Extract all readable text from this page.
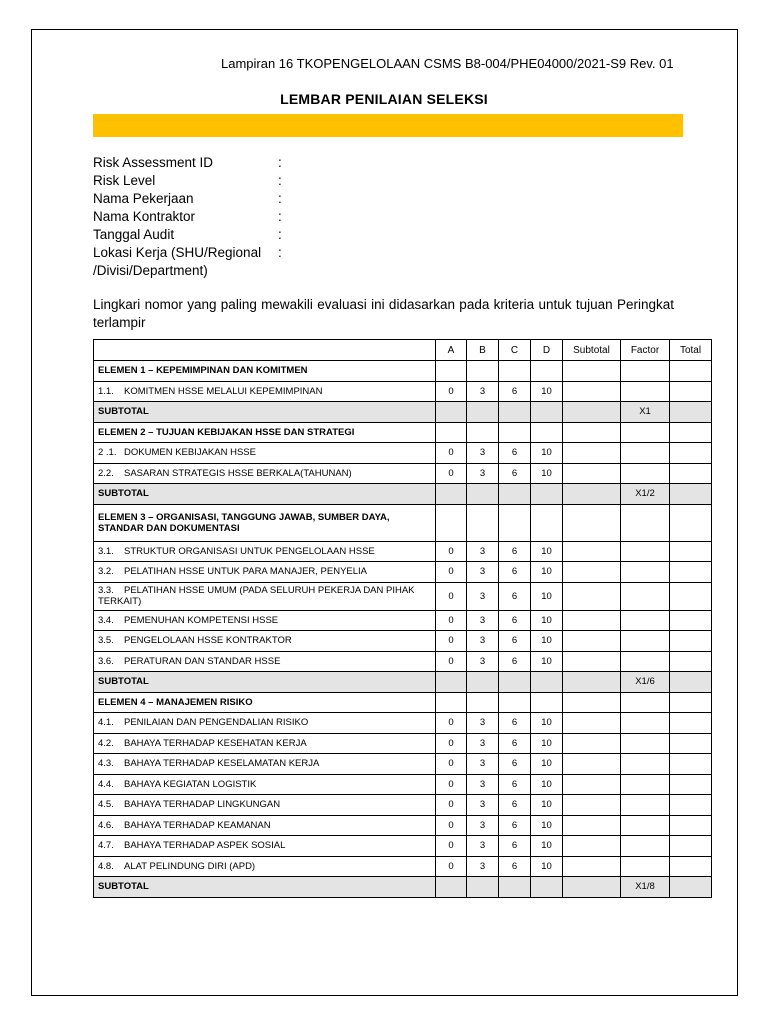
Lampiran 16 TKOPENGELOLAAN CSMS B8-004/PHE04000/2021-S9 Rev. 01
LEMBAR PENILAIAN SELEKSI
Risk Assessment ID	:
Risk Level	:
Nama Pekerjaan	:
Nama Kontraktor	:
Tanggal Audit	:
Lokasi Kerja (SHU/Regional	:
/Divisi/Department)
Lingkari nomor yang paling mewakili evaluasi ini didasarkan pada kriteria untuk tujuan Peringkat terlampir
	A	B	C	D	Subtotal	Factor	Total
ELEMEN 1 – KEPEMIMPINAN DAN KOMITMEN							
1.1. KOMITMEN HSSE MELALUI KEPEMIMPINAN	0	3	6	10			
SUBTOTAL						X1	
ELEMEN 2 – TUJUAN KEBIJAKAN HSSE DAN STRATEGI							
2 .1. DOKUMEN KEBIJAKAN HSSE	0	3	6	10			
2.2. SASARAN STRATEGIS HSSE BERKALA(TAHUNAN)	0	3	6	10			
SUBTOTAL						X1/2	
ELEMEN 3 – ORGANISASI, TANGGUNG JAWAB, SUMBER DAYA, STANDAR DAN DOKUMENTASI							
3.1. STRUKTUR ORGANISASI UNTUK PENGELOLAAN HSSE	0	3	6	10			
3.2. PELATIHAN HSSE UNTUK PARA MANAJER, PENYELIA	0	3	6	10			
3.3. PELATIHAN HSSE UMUM (PADA SELURUH PEKERJA DAN PIHAK TERKAIT)	0	3	6	10			
3.4. PEMENUHAN KOMPETENSI HSSE	0	3	6	10			
3.5. PENGELOLAAN HSSE KONTRAKTOR	0	3	6	10			
3.6. PERATURAN DAN STANDAR HSSE	0	3	6	10			
SUBTOTAL						X1/6	
ELEMEN 4 – MANAJEMEN RISIKO							
4.1. PENILAIAN DAN PENGENDALIAN RISIKO	0	3	6	10			
4.2. BAHAYA TERHADAP KESEHATAN KERJA	0	3	6	10			
4.3. BAHAYA TERHADAP KESELAMATAN KERJA	0	3	6	10			
4.4. BAHAYA KEGIATAN LOGISTIK	0	3	6	10			
4.5. BAHAYA TERHADAP LINGKUNGAN	0	3	6	10			
4.6. BAHAYA TERHADAP KEAMANAN	0	3	6	10			
4.7. BAHAYA TERHADAP ASPEK SOSIAL	0	3	6	10			
4.8. ALAT PELINDUNG DIRI (APD)	0	3	6	10			
SUBTOTAL						X1/8	
